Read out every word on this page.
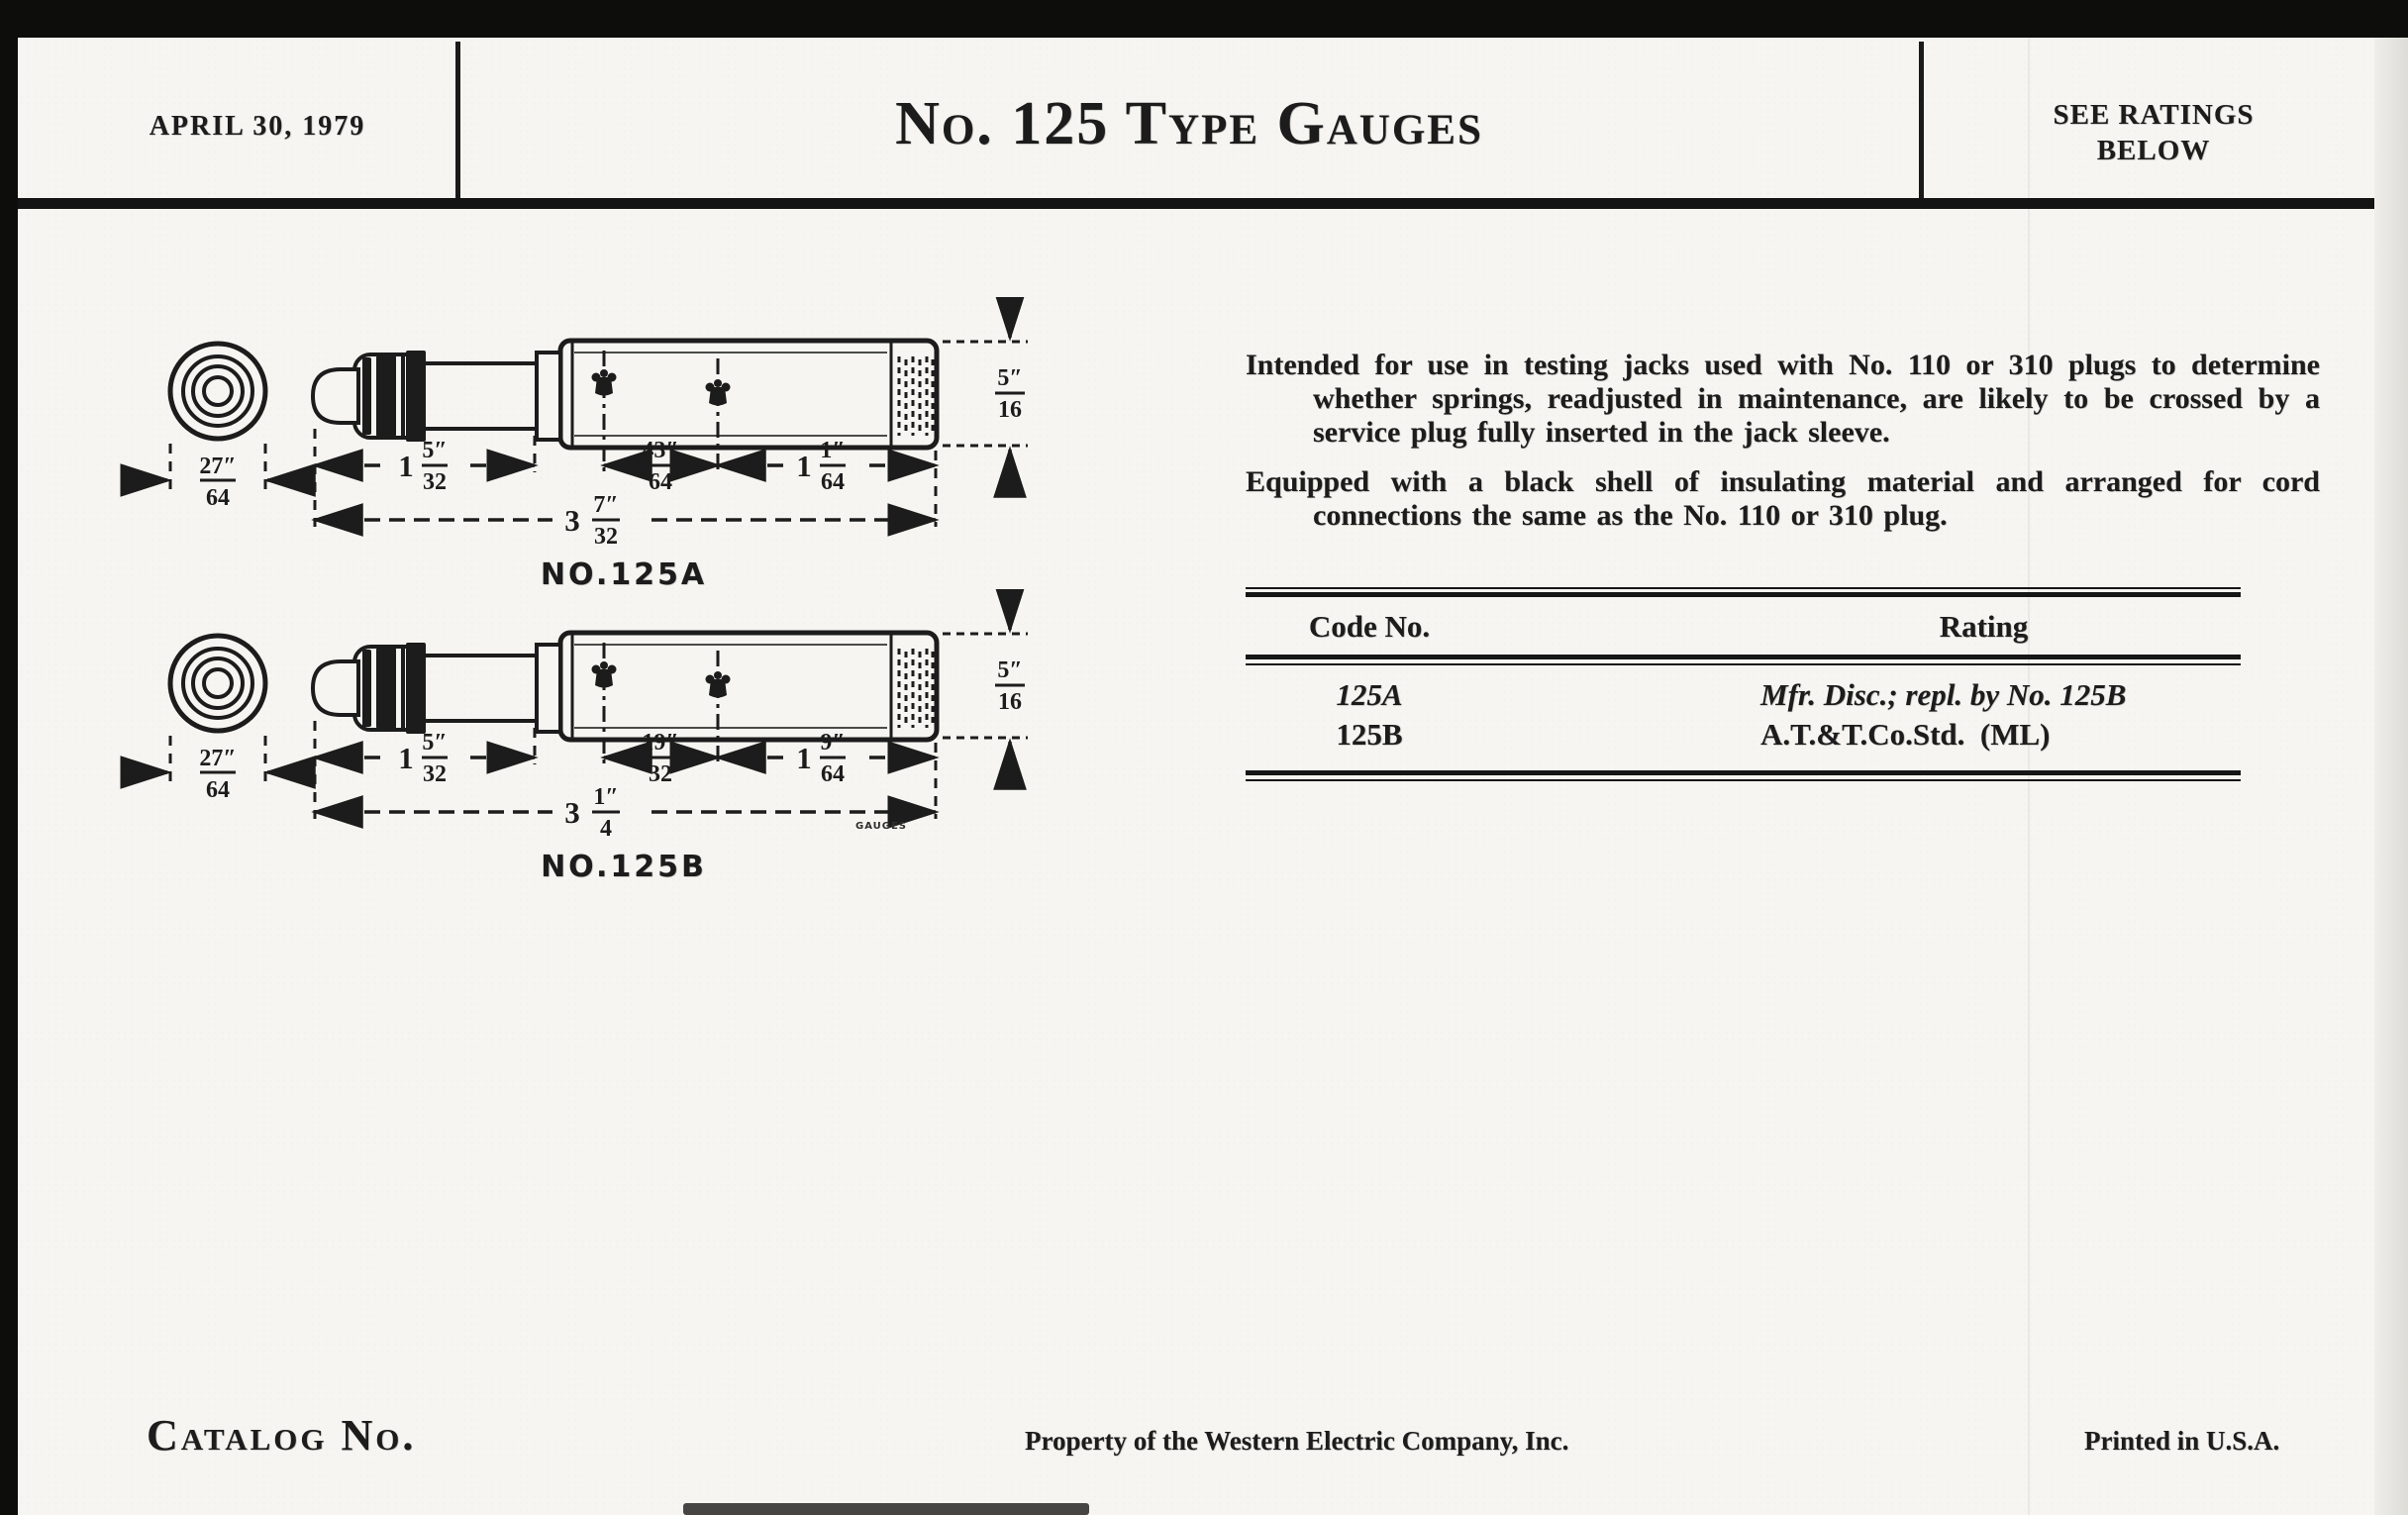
APRIL 30, 1979	No. 125 Type Gauges	SEE RATINGS
BELOW
27″
64
1 5″
32
43″
64	1 1″
64
3 7″
32
5″
16
NO.125A
27″
64
1 5″
32
19″
32	1 9″
64
3 1″
4
5″
16
GAUGES
NO.125B
Intended for use in testing jacks used with No. 110 or 310 plugs to determine whether springs, readjusted in maintenance, are likely to be crossed by a service plug fully inserted in the jack sleeve.
Equipped with a black shell of insulating material and arranged for cord connections the same as the No. 110 or 310 plug.
Code No.	Rating
125A	Mfr. Disc.; repl. by No. 125B
125B	A.T.&T.Co.Std.  (ML)
Catalog No.	Property of the Western Electric Company, Inc.	Printed in U.S.A.
